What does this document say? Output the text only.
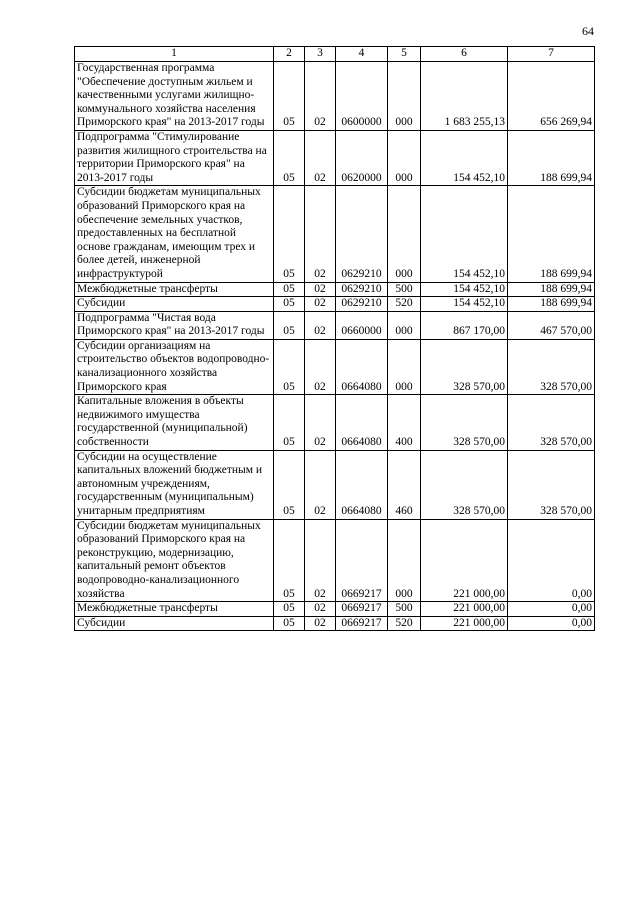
64
1	2	3	4	5	6	7
Государственная программа "Обеспечение доступным жильем и качественными услугами жилищно-коммунального хозяйства населения Приморского края" на 2013-2017 годы	05	02	0600000	000	1 683 255,13	656 269,94
Подпрограмма "Стимулирование развития жилищного строительства на территории Приморского края" на 2013-2017 годы	05	02	0620000	000	154 452,10	188 699,94
Субсидии бюджетам муниципальных образований Приморского края на обеспечение земельных участков, предоставленных на бесплатной основе гражданам, имеющим трех и более детей, инженерной инфраструктурой	05	02	0629210	000	154 452,10	188 699,94
Межбюджетные трансферты	05	02	0629210	500	154 452,10	188 699,94
Субсидии	05	02	0629210	520	154 452,10	188 699,94
Подпрограмма "Чистая вода Приморского края" на 2013-2017 годы	05	02	0660000	000	867 170,00	467 570,00
Субсидии организациям на строительство объектов водопроводно-канализационного хозяйства Приморского края	05	02	0664080	000	328 570,00	328 570,00
Капитальные вложения в объекты недвижимого имущества государственной (муниципальной) собственности	05	02	0664080	400	328 570,00	328 570,00
Субсидии на осуществление капитальных вложений бюджетным и автономным учреждениям, государственным (муниципальным) унитарным предприятиям	05	02	0664080	460	328 570,00	328 570,00
Субсидии бюджетам муниципальных образований Приморского края на реконструкцию, модернизацию, капитальный ремонт объектов водопроводно-канализационного хозяйства	05	02	0669217	000	221 000,00	0,00
Межбюджетные трансферты	05	02	0669217	500	221 000,00	0,00
Субсидии	05	02	0669217	520	221 000,00	0,00
